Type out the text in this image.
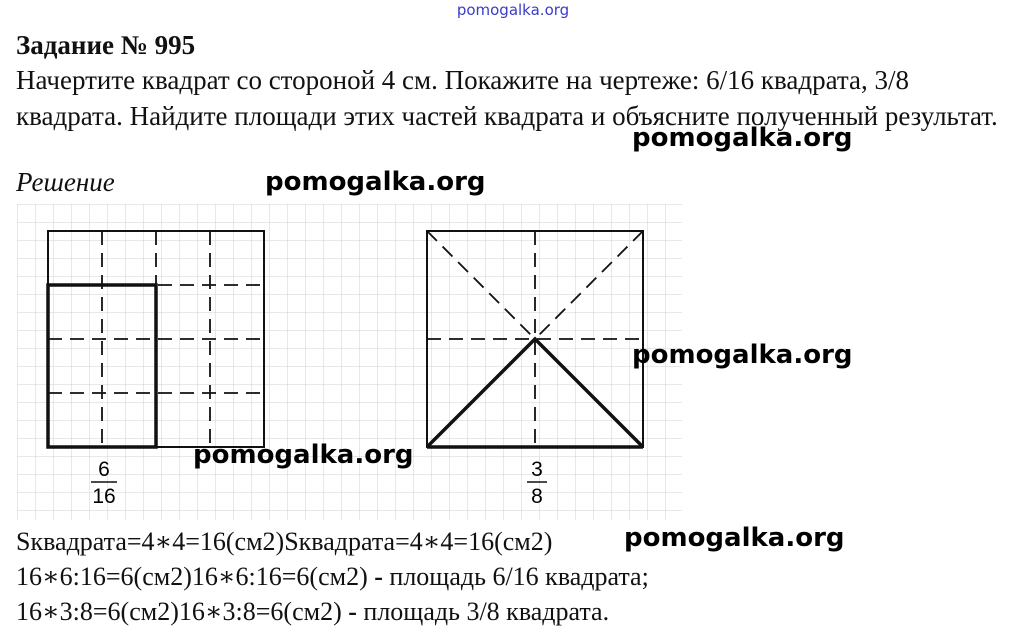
pomogalka.org
Задание № 995
Начертите квадрат со стороной 4 см. Покажите на чертеже: 6/16 квадрата, 3/8 квадрата. Найдите площади этих частей квадрата и объясните полученный результат.
Решение
6
16
3
8
Sквадрата=4∗4=16(см2)Sквадрата=4∗4=16(см2)
16∗6:16=6(см2)16∗6:16=6(см2) - площадь 6/16 квадрата;
16∗3:8=6(см2)16∗3:8=6(см2) - площадь 3/8 квадрата.
pomogalka.org
pomogalka.org
pomogalka.org
pomogalka.org
pomogalka.org
